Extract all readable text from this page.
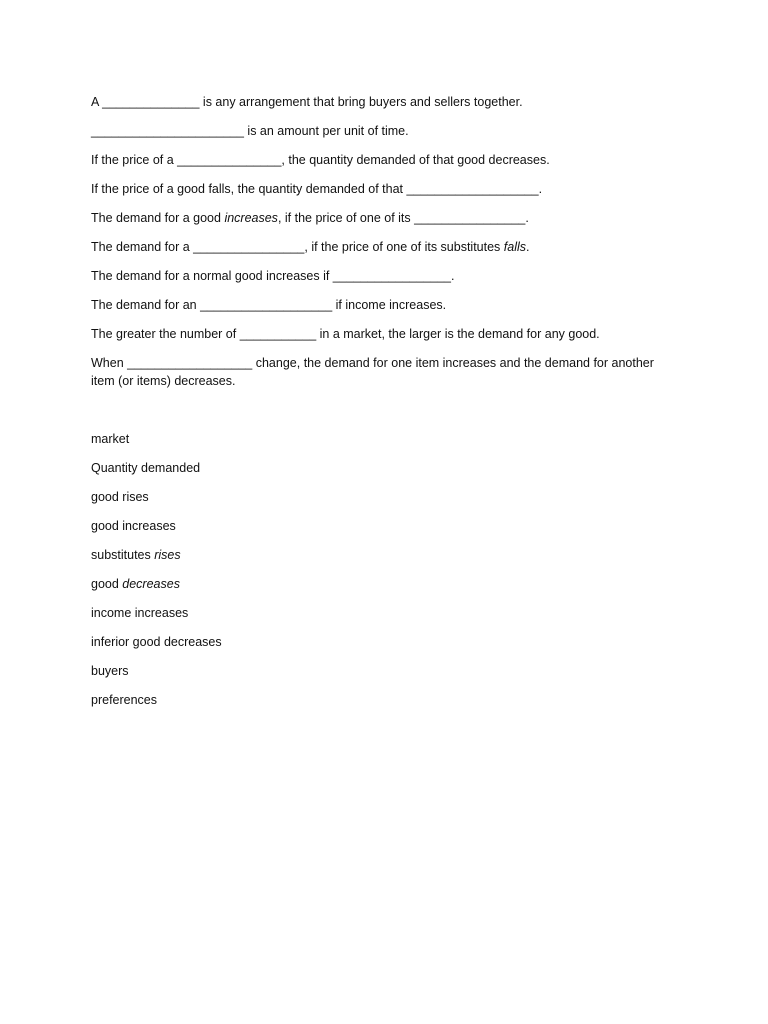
A ______________ is any arrangement that bring buyers and sellers together.

______________________ is an amount per unit of time.

If the price of a _______________, the quantity demanded of that good decreases.

If the price of a good falls, the quantity demanded of that ___________________.

The demand for a good increases, if the price of one of its ________________.

The demand for a ________________, if the price of one of its substitutes falls.

The demand for a normal good increases if _________________.

The demand for an ___________________ if income increases.

The greater the number of ___________ in a market, the larger is the demand for any good.

When __________________ change, the demand for one item increases and the demand for another item (or items) decreases.

market

Quantity demanded

good rises

good increases

substitutes rises

good decreases

income increases

inferior good decreases

buyers

preferences
